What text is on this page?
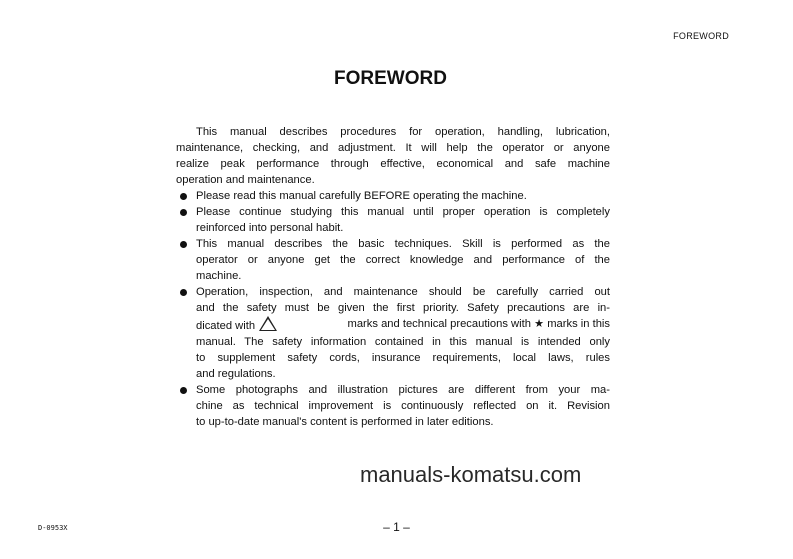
FOREWORD
FOREWORD
This manual describes procedures for operation, handling, lubrication,
maintenance, checking, and adjustment. It will help the operator or anyone
realize peak performance through effective, economical and safe machine
operation and maintenance.
Please read this manual carefully BEFORE operating the machine.
Please continue studying this manual until proper operation is completely
reinforced into personal habit.
This manual describes the basic techniques. Skill is performed as the
operator or anyone get the correct knowledge and performance of the
machine.
Operation, inspection, and maintenance should be carefully carried out
and the safety must be given the first priority. Safety precautions are in-
dicated with	marks and technical precautions with ★ marks in this
manual. The safety information contained in this manual is intended only
to supplement safety cords, insurance requirements, local laws, rules
and regulations.
Some photographs and illustration pictures are different from your ma-
chine as technical improvement is continuously reflected on it. Revision
to up-to-date manual's content is performed in later editions.
manuals-komatsu.com
– 1 –
D-0953X
